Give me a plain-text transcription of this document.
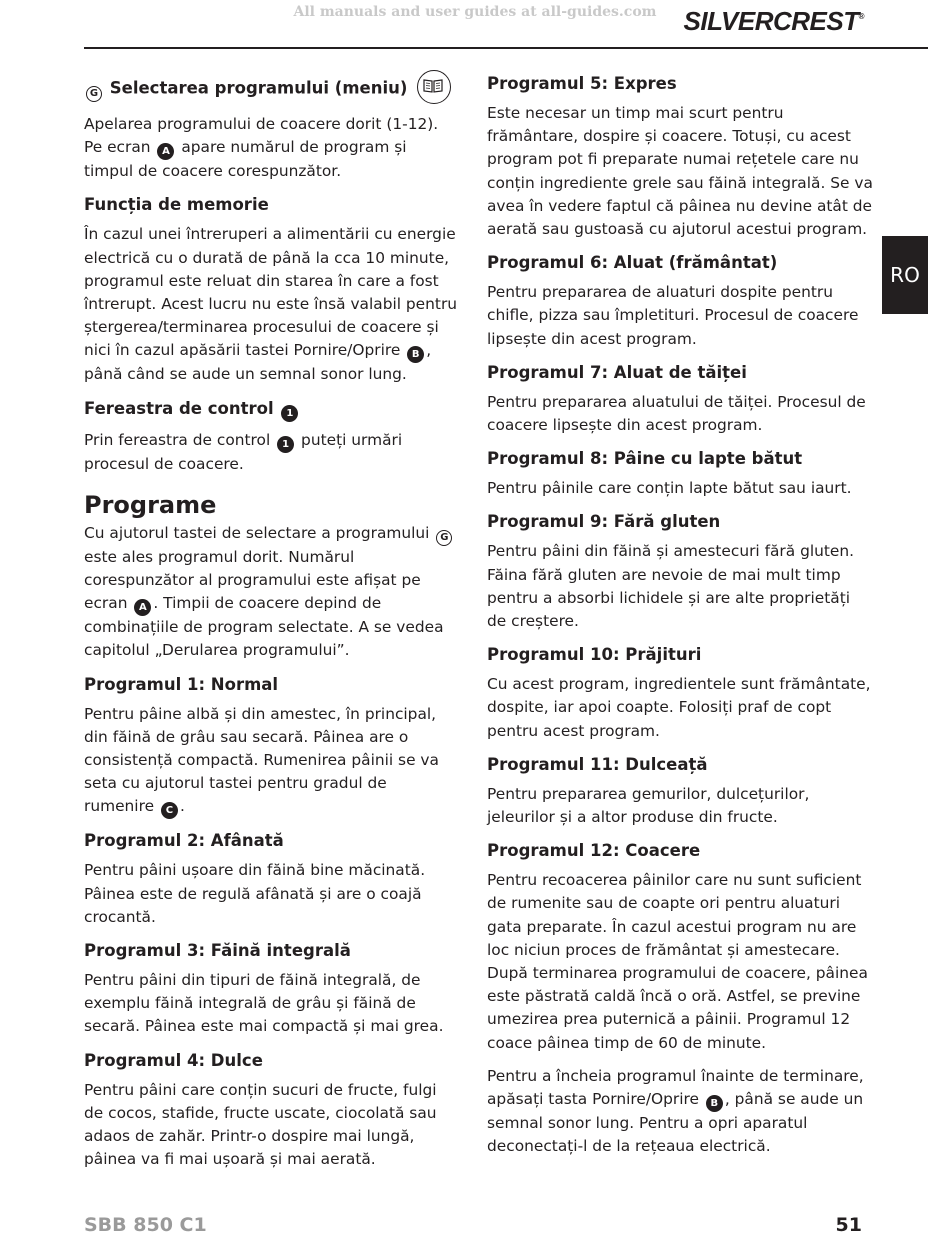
All manuals and user guides at all-guides.com	SILVERCREST®
RO
G Selectarea programului (meniu)

Apelarea programului de coacere dorit (1-12). Pe ecran A apare numărul de program și timpul de coacere corespunzător.

Funcția de memorie

În cazul unei întreruperi a alimentării cu energie electrică cu o durată de până la cca 10 minute, programul este reluat din starea în care a fost întrerupt. Acest lucru nu este însă valabil pentru ștergerea/terminarea procesului de coacere și nici în cazul apăsării tastei Pornire/Oprire B , până când se aude un semnal sonor lung.

Fereastra de control 1

Prin fereastra de control 1 puteți urmări procesul de coacere.

Programe

Cu ajutorul tastei de selectare a programului G este ales programul dorit. Numărul corespunzător al programului este afișat pe ecran A . Timpii de coacere depind de combinațiile de program selectate. A se vedea capitolul „Derularea programului”.

Programul 1: Normal

Pentru pâine albă și din amestec, în principal, din făină de grâu sau secară. Pâinea are o consistență compactă. Rumenirea pâinii se va seta cu ajutorul tastei pentru gradul de rumenire C .

Programul 2: Afânată

Pentru pâini ușoare din făină bine măcinată. Pâinea este de regulă afânată și are o coajă crocantă.

Programul 3: Făină integrală

Pentru pâini din tipuri de făină integrală, de exemplu făină integrală de grâu și făină de secară. Pâinea este mai compactă și mai grea.

Programul 4: Dulce

Pentru pâini care conțin sucuri de fructe, fulgi de cocos, stafide, fructe uscate, ciocolată sau adaos de zahăr. Printr-o dospire mai lungă, pâinea va fi mai ușoară și mai aerată.

Programul 5: Expres

Este necesar un timp mai scurt pentru frământare, dospire și coacere. Totuși, cu acest program pot fi preparate numai rețetele care nu conțin ingrediente grele sau făină integrală. Se va avea în vedere faptul că pâinea nu devine atât de aerată sau gustoasă cu ajutorul acestui program.

Programul 6: Aluat (frământat)

Pentru prepararea de aluaturi dospite pentru chifle, pizza sau împletituri. Procesul de coacere lipsește din acest program.

Programul 7: Aluat de tăiței

Pentru prepararea aluatului de tăiței. Procesul de coacere lipsește din acest program.

Programul 8: Pâine cu lapte bătut

Pentru pâinile care conțin lapte bătut sau iaurt.

Programul 9: Fără gluten

Pentru pâini din făină și amestecuri fără gluten. Făina fără gluten are nevoie de mai mult timp pentru a absorbi lichidele și are alte proprietăți de creștere.

Programul 10: Prăjituri

Cu acest program, ingredientele sunt frământate, dospite, iar apoi coapte. Folosiți praf de copt pentru acest program.

Programul 11: Dulceață

Pentru prepararea gemurilor, dulcețurilor, jeleurilor și a altor produse din fructe.

Programul 12: Coacere

Pentru recoacerea pâinilor care nu sunt suficient de rumenite sau de coapte ori pentru aluaturi gata preparate. În cazul acestui program nu are loc niciun proces de frământat și amestecare. După terminarea programului de coacere, pâinea este păstrată caldă încă o oră. Astfel, se previne umezirea prea puternică a pâinii. Programul 12 coace pâinea timp de 60 de minute.

Pentru a încheia programul înainte de terminare, apăsați tasta Pornire/Oprire B , până se aude un semnal sonor lung. Pentru a opri aparatul deconectați-l de la rețeaua electrică.

SBB 850 C1	51
